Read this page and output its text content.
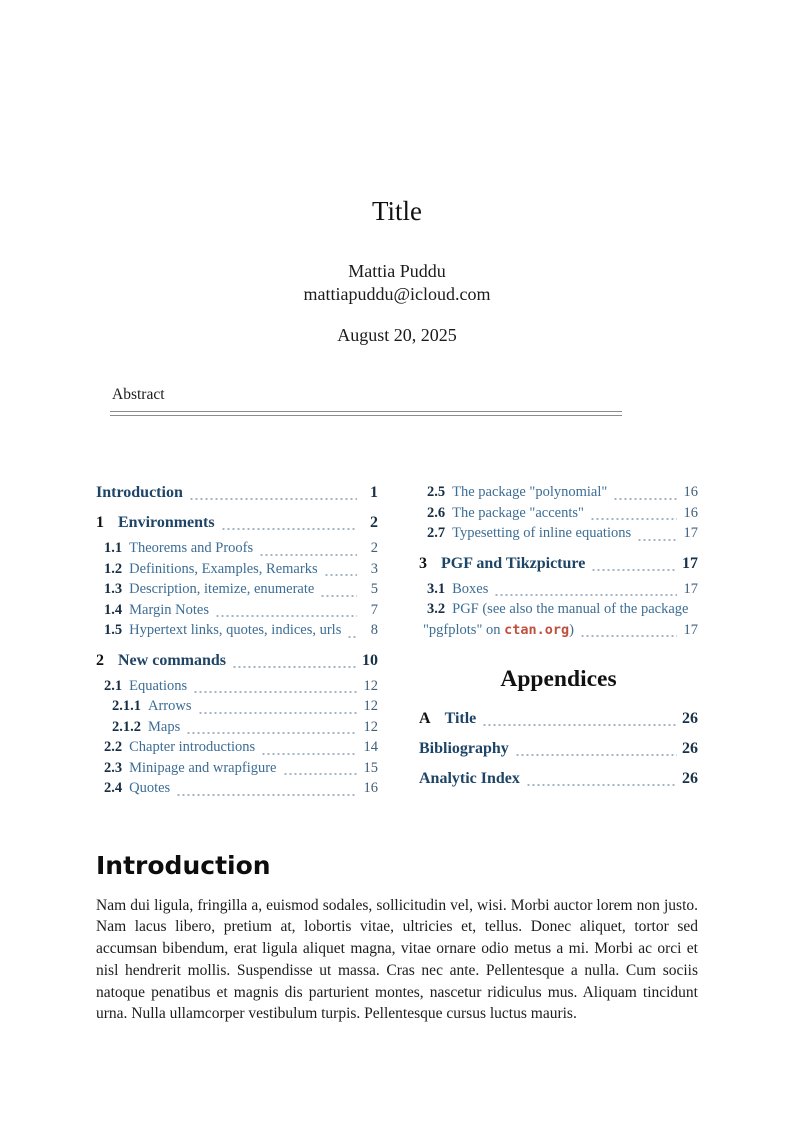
Title
Mattia Puddu
mattiapuddu@icloud.com
August 20, 2025
Abstract
Introduction	1
1 Environments	2
1.1 Theorems and Proofs	2
1.2 Definitions, Examples, Remarks	3
1.3 Description, itemize, enumerate	5
1.4 Margin Notes	7
1.5 Hypertext links, quotes, indices, urls	8
2 New commands	10
2.1 Equations	12
2.1.1 Arrows	12
2.1.2 Maps	12
2.2 Chapter introductions	14
2.3 Minipage and wrapfigure	15
2.4 Quotes	16
2.5 The package "polynomial"	16
2.6 The package "accents"	16
2.7 Typesetting of inline equations	17
3 PGF and Tikzpicture	17
3.1 Boxes	17
3.2 PGF (see also the manual of the package
"pgfplots" on ctan.org)	17
Appendices
A Title	26
Bibliography	26
Analytic Index	26
Introduction

Nam dui ligula, fringilla a, euismod sodales, sollicitudin vel, wisi. Morbi auctor lorem non justo. Nam lacus libero, pretium at, lobortis vitae, ultricies et, tellus. Donec aliquet, tortor sed accumsan bibendum, erat ligula aliquet magna, vitae ornare odio metus a mi. Morbi ac orci et nisl hendrerit mollis. Suspendisse ut massa. Cras nec ante. Pellentesque a nulla. Cum sociis natoque penatibus et magnis dis parturient montes, nascetur ridiculus mus. Aliquam tincidunt urna. Nulla ullamcorper vestibulum turpis. Pellentesque cursus luctus mauris.
